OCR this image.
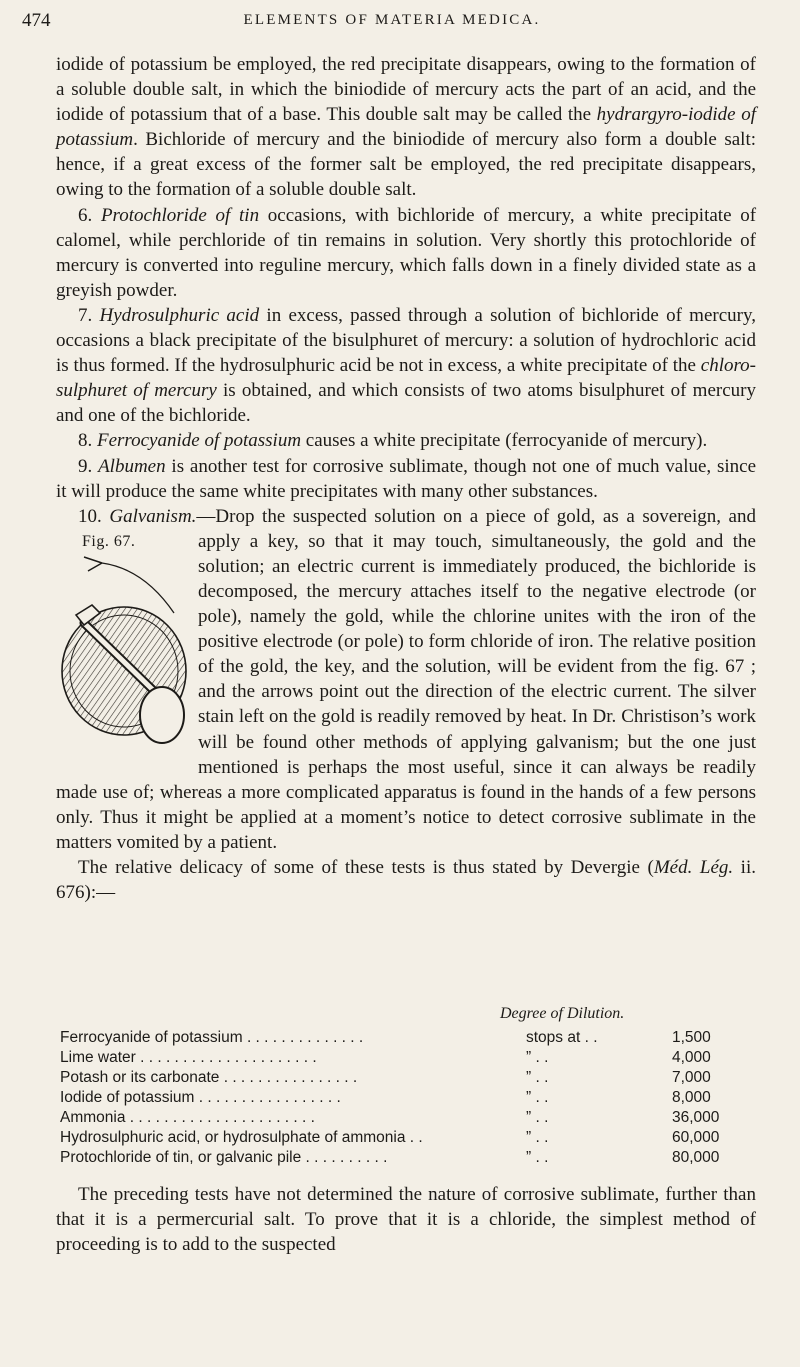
474	ELEMENTS OF MATERIA MEDICA.

iodide of potassium be employed, the red precipitate disappears, owing to the formation of a soluble double salt, in which the biniodide of mercury acts the part of an acid, and the iodide of potassium that of a base. This double salt may be called the hydrargyro-iodide of potassium. Bichloride of mercury and the biniodide of mercury also form a double salt: hence, if a great excess of the former salt be employed, the red precipitate disappears, owing to the formation of a soluble double salt.

6. Protochloride of tin occasions, with bichloride of mercury, a white precipitate of calomel, while perchloride of tin remains in solution. Very shortly this protochloride of mercury is converted into reguline mercury, which falls down in a finely divided state as a greyish powder.

7. Hydrosulphuric acid in excess, passed through a solution of bichloride of mercury, occasions a black precipitate of the bisulphuret of mercury: a solution of hydrochloric acid is thus formed. If the hydrosulphuric acid be not in excess, a white precipitate of the chloro-sulphuret of mercury is obtained, and which consists of two atoms bisulphuret of mercury and one of the bichloride.

8. Ferrocyanide of potassium causes a white precipitate (ferrocyanide of mercury).

9. Albumen is another test for corrosive sublimate, though not one of much value, since it will produce the same white precipitates with many other substances.

10. Galvanism.—Drop the suspected solution on a piece of gold, as a sovereign, and apply a key, so that it may touch, simultaneously, the gold
Fig. 67.	and the solution; an electric current is immediately produced, the bichloride is decomposed, the mercury attaches itself to the negative electrode (or pole), namely the gold, while the chlorine unites with the iron of the positive electrode (or pole) to form chloride of iron. The relative position of the gold, the key, and the solution, will be evident from the fig. 67 ; and the arrows point out the direction of the electric current. The silver stain left on the gold is readily removed by heat. In Dr. Christison’s work will be found other methods of applying galvanism; but the one just mentioned is perhaps the most useful, since it can always be readily made use of; whereas a more complicated apparatus is found in the hands of a few persons only. Thus it might be applied at a moment’s notice to detect corrosive sublimate in the matters vomited by a patient.

The relative delicacy of some of these tests is thus stated by Devergie (Méd. Lég. ii. 676):—

Degree of Dilution.
Ferrocyanide of potassium . . . . . . . . . . . . . .	stops at . .	1,500
Lime water . . . . . . . . . . . . . . . . . . . . .	” . .	4,000
Potash or its carbonate . . . . . . . . . . . . . . . .	” . .	7,000
Iodide of potassium . . . . . . . . . . . . . . . . .	” . .	8,000
Ammonia . . . . . . . . . . . . . . . . . . . . . .	” . .	36,000
Hydrosulphuric acid, or hydrosulphate of ammonia . .	” . .	60,000
Protochloride of tin, or galvanic pile . . . . . . . . . .	” . .	80,000

The preceding tests have not determined the nature of corrosive sublimate, further than that it is a permercurial salt. To prove that it is a chloride, the simplest method of proceeding is to add to the suspected
